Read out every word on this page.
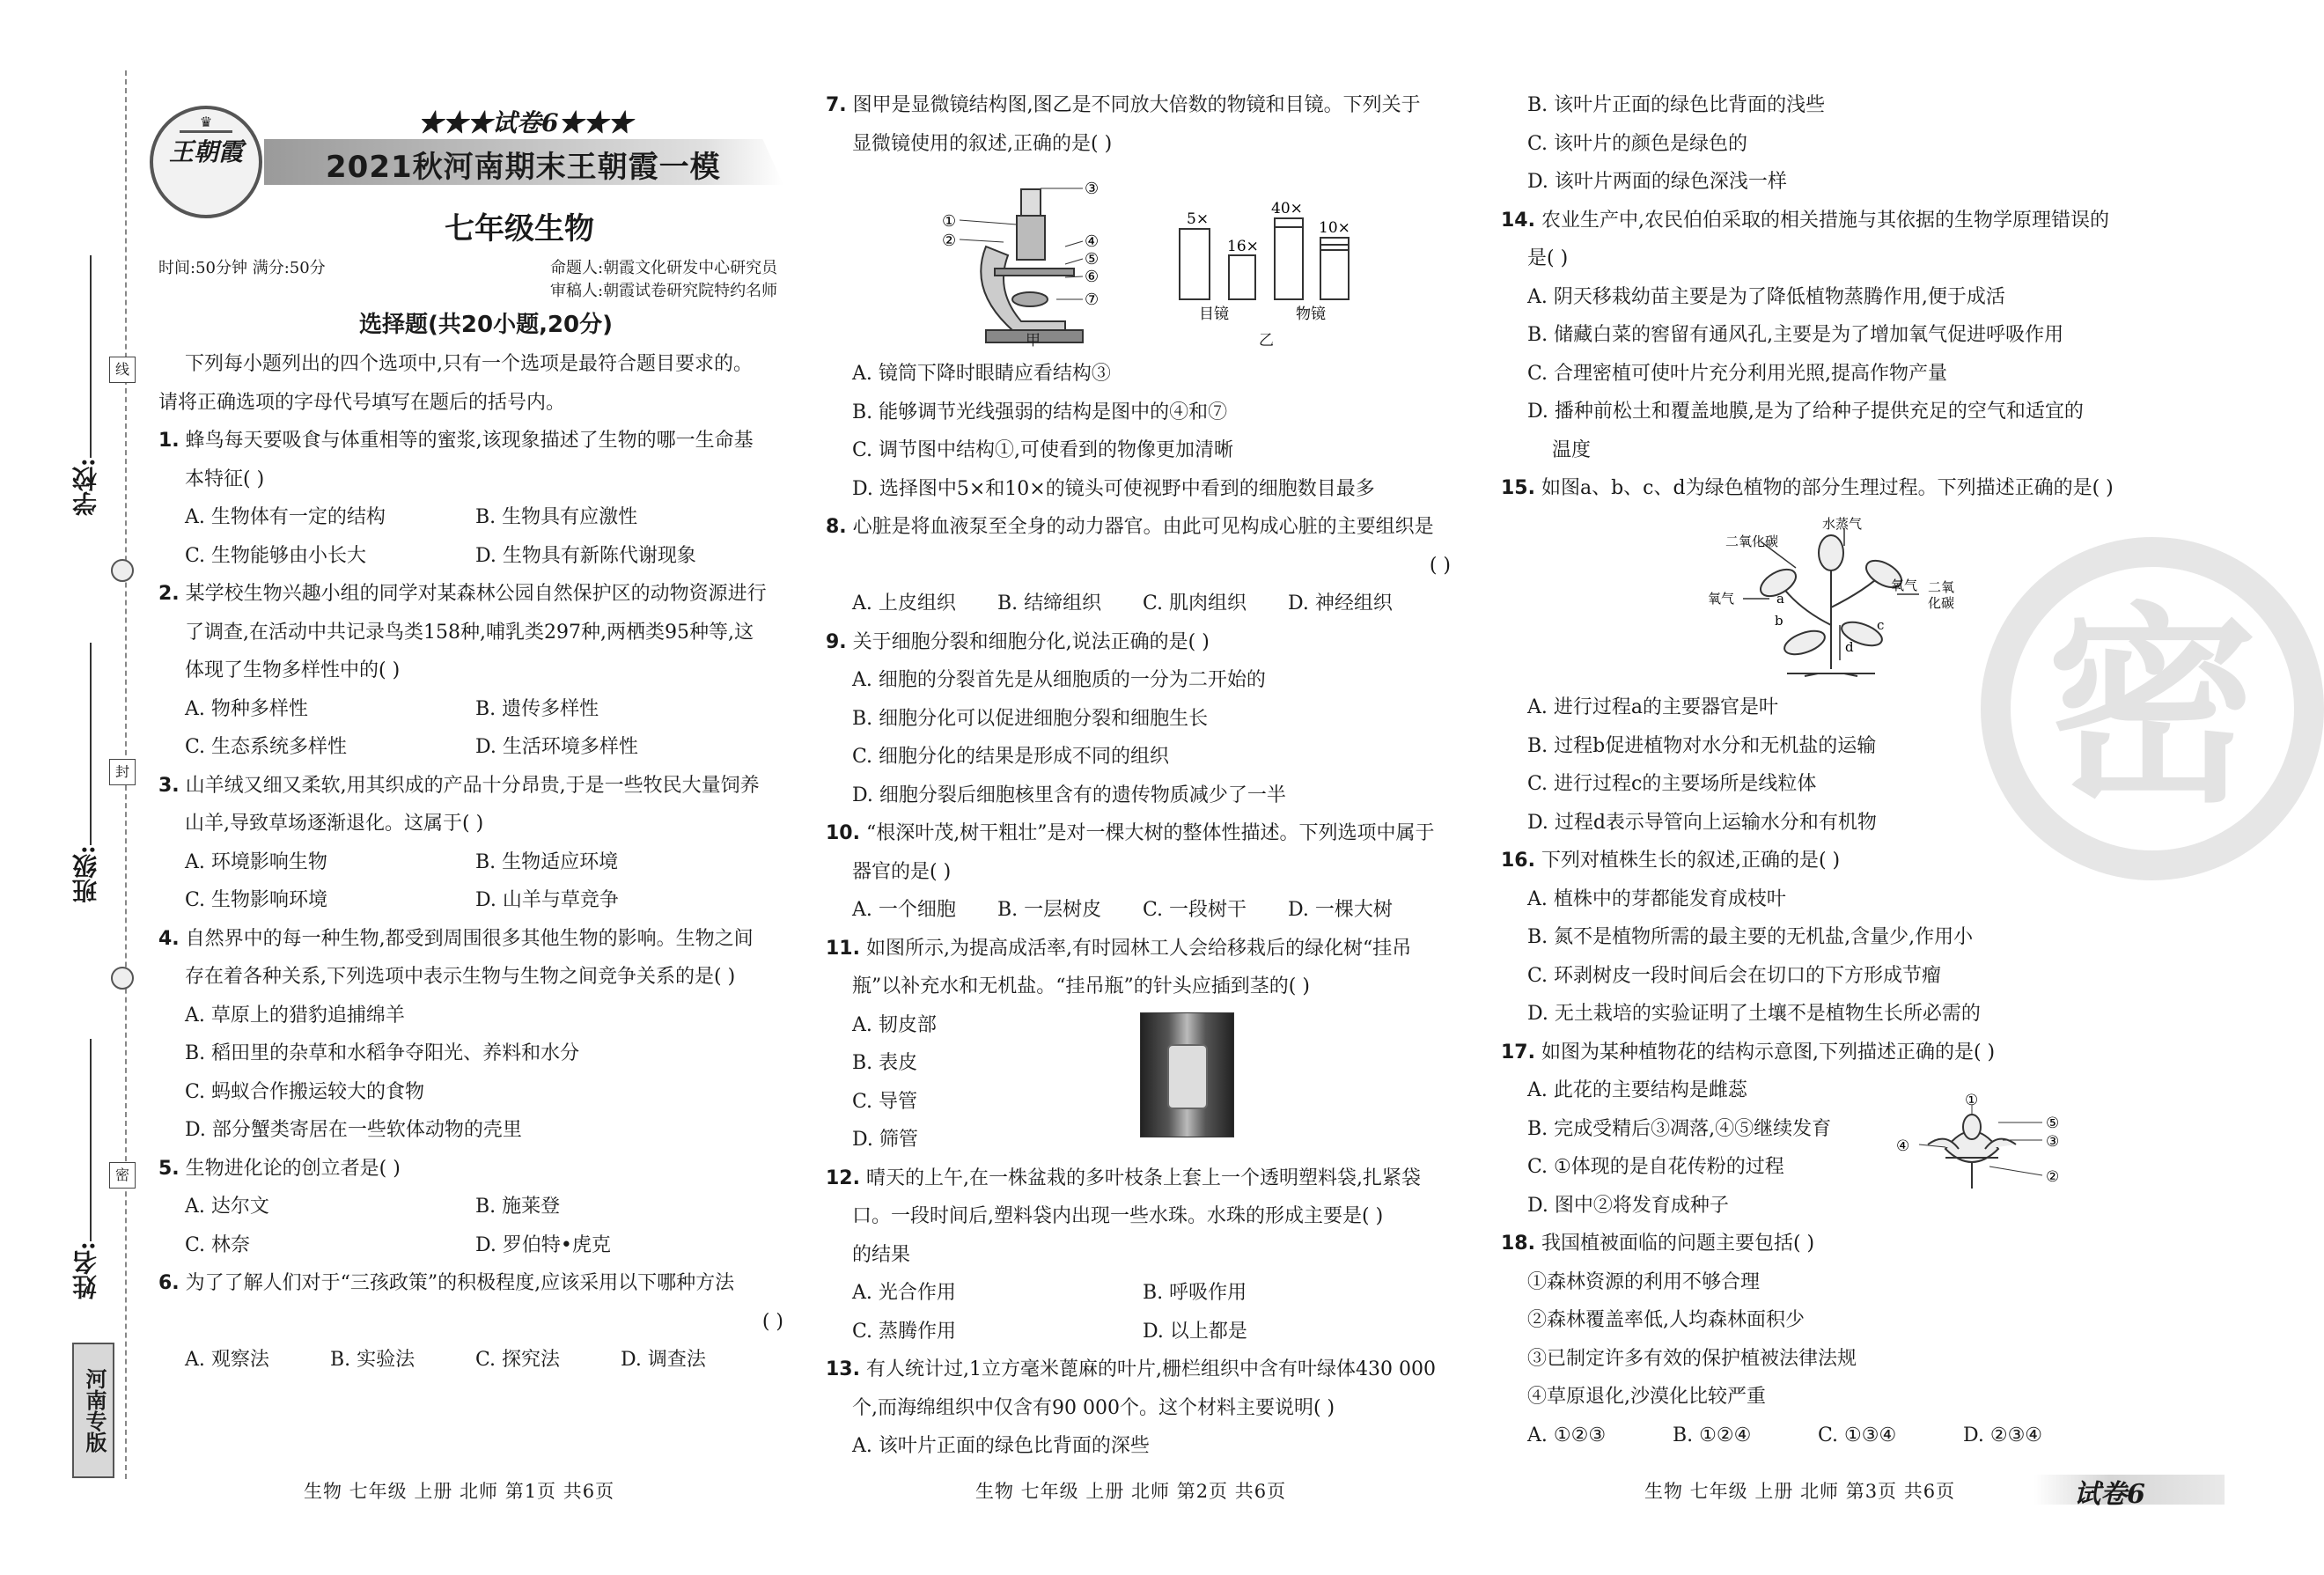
学校:
班级:
姓名:
线
封
密
河南专版
♛
王朝霞
★★★试卷6★★★
2021秋河南期末王朝霞一模
七年级生物
时间:50分钟 满分:50分	命题人:朝霞文化研发中心研究员
审稿人:朝霞试卷研究院特约名师
选择题(共20小题,20分)

下列每小题列出的四个选项中,只有一个选项是最符合题目要求的。

请将正确选项的字母代号填写在题后的括号内。

1. 蜂鸟每天要吸食与体重相等的蜜浆,该现象描述了生物的哪一生命基

本特征( )

A. 生物体有一定的结构	B. 生物具有应激性
C. 生物能够由小长大	D. 生物具有新陈代谢现象

2. 某学校生物兴趣小组的同学对某森林公园自然保护区的动物资源进行

了调查,在活动中共记录鸟类158种,哺乳类297种,两栖类95种等,这

体现了生物多样性中的( )

A. 物种多样性	B. 遗传多样性
C. 生态系统多样性	D. 生活环境多样性

3. 山羊绒又细又柔软,用其织成的产品十分昂贵,于是一些牧民大量饲养

山羊,导致草场逐渐退化。这属于( )

A. 环境影响生物	B. 生物适应环境
C. 生物影响环境	D. 山羊与草竞争

4. 自然界中的每一种生物,都受到周围很多其他生物的影响。生物之间

存在着各种关系,下列选项中表示生物与生物之间竞争关系的是( )

A. 草原上的猎豹追捕绵羊

B. 稻田里的杂草和水稻争夺阳光、养料和水分

C. 蚂蚁合作搬运较大的食物

D. 部分蟹类寄居在一些软体动物的壳里

5. 生物进化论的创立者是( )

A. 达尔文	B. 施莱登
C. 林奈	D. 罗伯特•虎克

6. 为了了解人们对于“三孩政策”的积极程度,应该采用以下哪种方法

( )

A. 观察法	B. 实验法	C. 探究法	D. 调查法

7. 图甲是显微镜结构图,图乙是不同放大倍数的物镜和目镜。下列关于

显微镜使用的叙述,正确的是( )

①
②
③
④
⑤
⑥
⑦
5×
16×
40×
10×
目镜	物镜
甲	乙

A. 镜筒下降时眼睛应看结构③

B. 能够调节光线强弱的结构是图中的④和⑦

C. 调节图中结构①,可使看到的物像更加清晰

D. 选择图中5×和10×的镜头可使视野中看到的细胞数目最多

8. 心脏是将血液泵至全身的动力器官。由此可见构成心脏的主要组织是

( )

A. 上皮组织	B. 结缔组织	C. 肌肉组织	D. 神经组织

9. 关于细胞分裂和细胞分化,说法正确的是( )

A. 细胞的分裂首先是从细胞质的一分为二开始的

B. 细胞分化可以促进细胞分裂和细胞生长

C. 细胞分化的结果是形成不同的组织

D. 细胞分裂后细胞核里含有的遗传物质减少了一半

10. “根深叶茂,树干粗壮”是对一棵大树的整体性描述。下列选项中属于

器官的是( )

A. 一个细胞	B. 一层树皮	C. 一段树干	D. 一棵大树

11. 如图所示,为提高成活率,有时园林工人会给移栽后的绿化树“挂吊

瓶”以补充水和无机盐。“挂吊瓶”的针头应插到茎的( )

A. 韧皮部

B. 表皮

C. 导管

D. 筛管

12. 晴天的上午,在一株盆栽的多叶枝条上套上一个透明塑料袋,扎紧袋

口。一段时间后,塑料袋内出现一些水珠。水珠的形成主要是( )

的结果

A. 光合作用	B. 呼吸作用
C. 蒸腾作用	D. 以上都是

13. 有人统计过,1立方毫米蓖麻的叶片,栅栏组织中含有叶绿体430 000

个,而海绵组织中仅含有90 000个。这个材料主要说明( )

A. 该叶片正面的绿色比背面的深些

B. 该叶片正面的绿色比背面的浅些

C. 该叶片的颜色是绿色的

D. 该叶片两面的绿色深浅一样

14. 农业生产中,农民伯伯采取的相关措施与其依据的生物学原理错误的

是( )

A. 阴天移栽幼苗主要是为了降低植物蒸腾作用,便于成活

B. 储藏白菜的窖留有通风孔,主要是为了增加氧气促进呼吸作用

C. 合理密植可使叶片充分利用光照,提高作物产量

D. 播种前松土和覆盖地膜,是为了给种子提供充足的空气和适宜的

温度

15. 如图a、b、c、d为绿色植物的部分生理过程。下列描述正确的是( )

水蒸气
二氧化碳
氧气
氧气 二氧
化碳
a
b	c
d

A. 进行过程a的主要器官是叶

B. 过程b促进植物对水分和无机盐的运输

C. 进行过程c的主要场所是线粒体

D. 过程d表示导管向上运输水分和有机物

16. 下列对植株生长的叙述,正确的是( )

A. 植株中的芽都能发育成枝叶

B. 氮不是植物所需的最主要的无机盐,含量少,作用小

C. 环剥树皮一段时间后会在切口的下方形成节瘤

D. 无土栽培的实验证明了土壤不是植物生长所必需的

17. 如图为某种植物花的结构示意图,下列描述正确的是( )

A. 此花的主要结构是雌蕊

B. 完成受精后③凋落,④⑤继续发育

C. ①体现的是自花传粉的过程

D. 图中②将发育成种子

18. 我国植被面临的问题主要包括( )

①森林资源的利用不够合理

②森林覆盖率低,人均森林面积少

③已制定许多有效的保护植被法律法规

④草原退化,沙漠化比较严重

A. ①②③	B. ①②④	C. ①③④	D. ②③④
①
②
③
④
⑤
密
生物 七年级 上册 北师 第1页 共6页	生物 七年级 上册 北师 第2页 共6页	生物 七年级 上册 北师 第3页 共6页	试卷6
